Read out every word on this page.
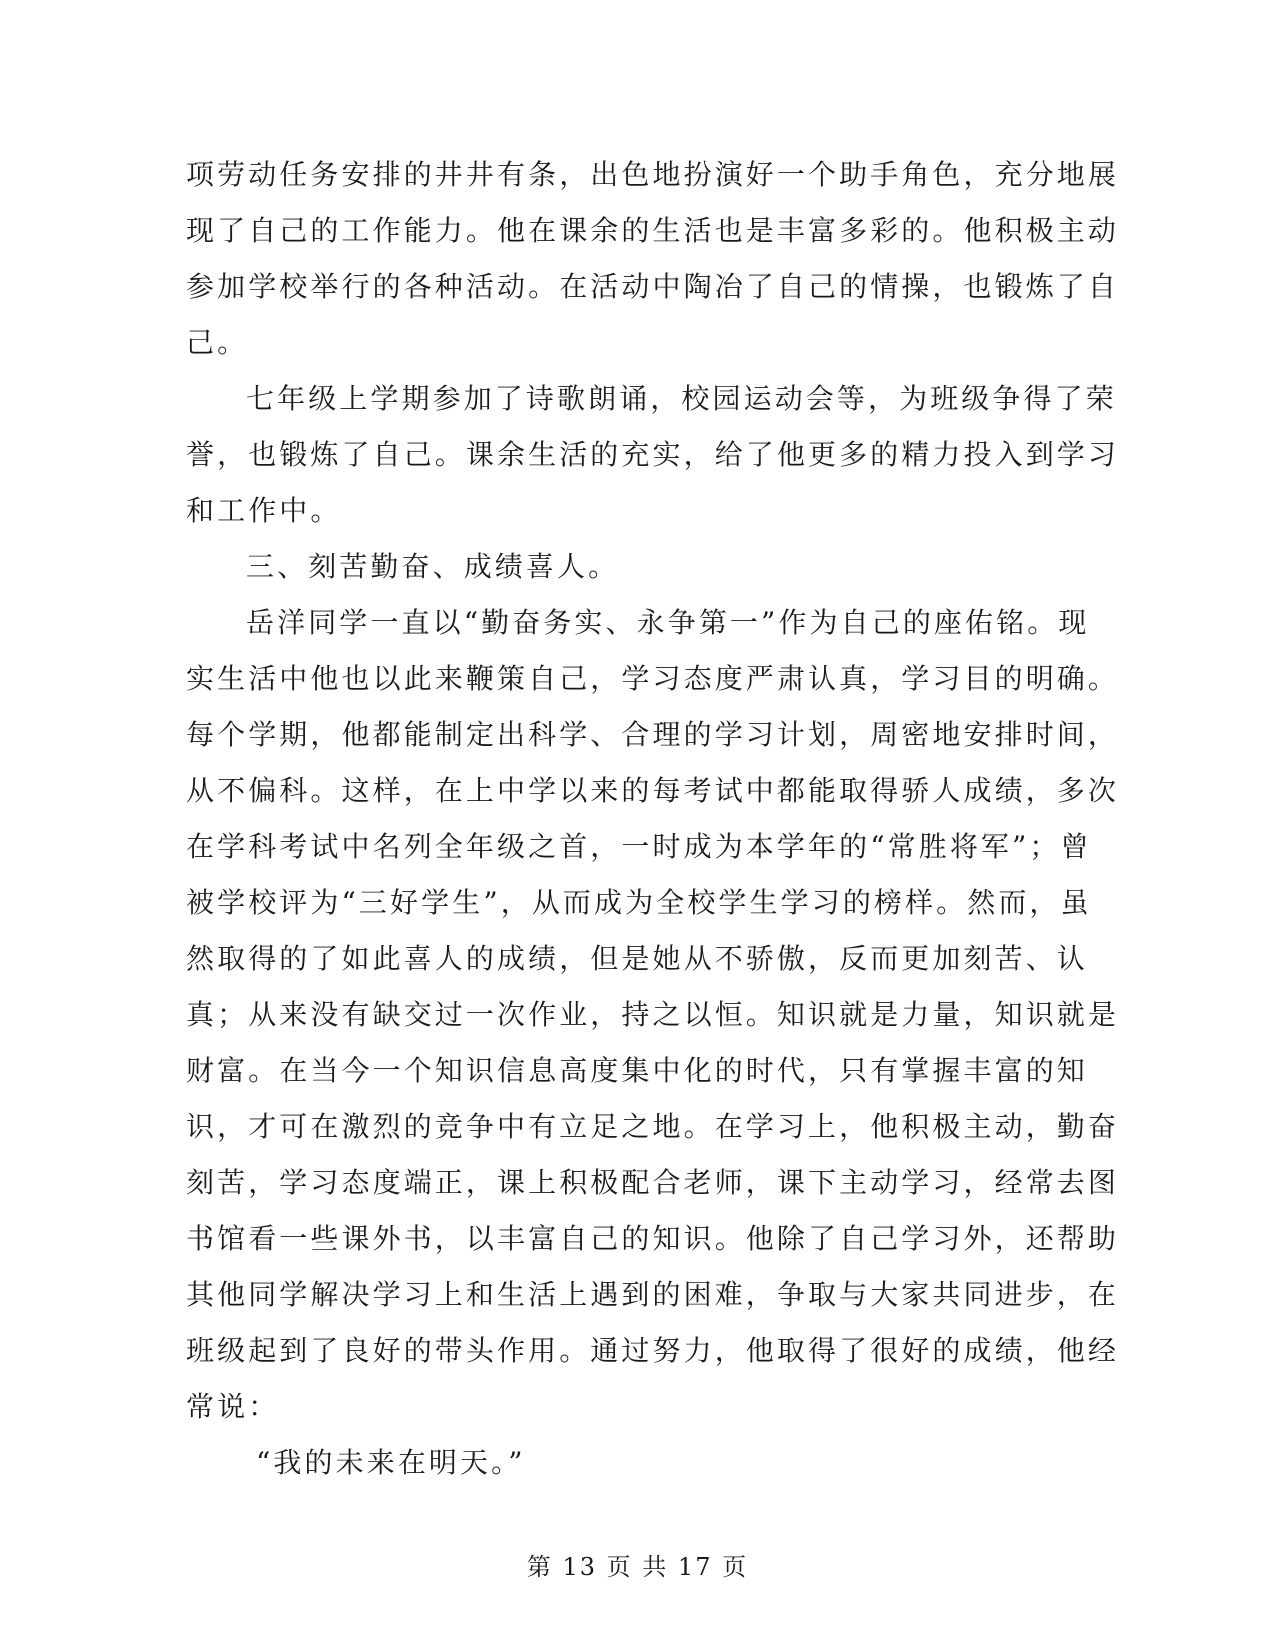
项劳动任务安排的井井有条，出色地扮演好一个助手角色，充分地展
现了自己的工作能力。他在课余的生活也是丰富多彩的。他积极主动
参加学校举行的各种活动。在活动中陶冶了自己的情操，也锻炼了自
己。
七年级上学期参加了诗歌朗诵，校园运动会等，为班级争得了荣
誉，也锻炼了自己。课余生活的充实，给了他更多的精力投入到学习
和工作中。
三、刻苦勤奋、成绩喜人。
岳洋同学一直以“勤奋务实、永争第一”作为自己的座佑铭。现
实生活中他也以此来鞭策自己，学习态度严肃认真，学习目的明确。
每个学期，他都能制定出科学、合理的学习计划，周密地安排时间，
从不偏科。这样，在上中学以来的每考试中都能取得骄人成绩，多次
在学科考试中名列全年级之首，一时成为本学年的“常胜将军”；曾
被学校评为“三好学生”，从而成为全校学生学习的榜样。然而，虽
然取得的了如此喜人的成绩，但是她从不骄傲，反而更加刻苦、认
真；从来没有缺交过一次作业，持之以恒。知识就是力量，知识就是
财富。在当今一个知识信息高度集中化的时代，只有掌握丰富的知
识，才可在激烈的竞争中有立足之地。在学习上，他积极主动，勤奋
刻苦，学习态度端正，课上积极配合老师，课下主动学习，经常去图
书馆看一些课外书，以丰富自己的知识。他除了自己学习外，还帮助
其他同学解决学习上和生活上遇到的困难，争取与大家共同进步，在
班级起到了良好的带头作用。通过努力，他取得了很好的成绩，他经
常说：
“我的未来在明天。”
第 13 页 共 17 页
